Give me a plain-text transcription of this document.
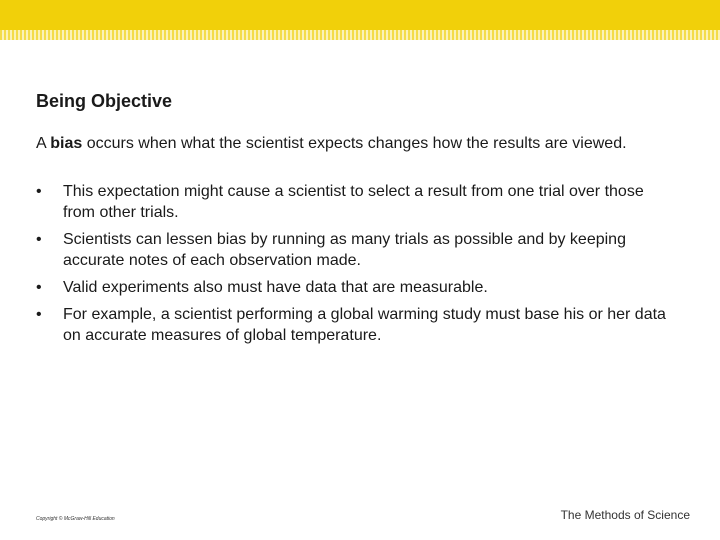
Being Objective
A bias occurs when what the scientist expects changes how the results are viewed.
• This expectation might cause a scientist to select a result from one trial over those from other trials.
• Scientists can lessen bias by running as many trials as possible and by keeping accurate notes of each observation made.
• Valid experiments also must have data that are measurable.
• For example, a scientist performing a global warming study must base his or her data on accurate measures of global temperature.
Copyright © McGraw-Hill Education	The Methods of Science
